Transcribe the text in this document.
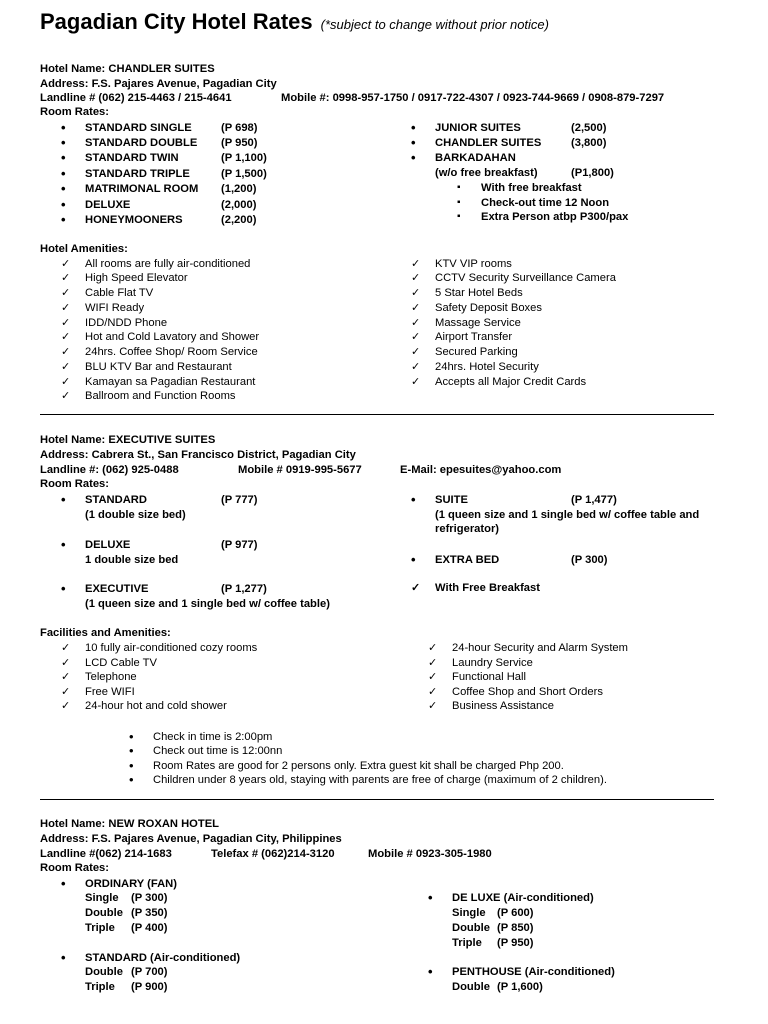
Pagadian City Hotel Rates (*subject to change without prior notice)
Hotel Name: CHANDLER SUITES
Address: F.S. Pajares Avenue, Pagadian City
Landline # (062) 215-4463 / 215-4641	Mobile #: 0998-957-1750 / 0917-722-4307 / 0923-744-9669 / 0908-879-7297
Room Rates:
• STANDARD SINGLE	(P 698)
• STANDARD DOUBLE (P 950)
• STANDARD TWIN	(P 1,100)
• STANDARD TRIPLE	(P 1,500)
• MATRIMONAL ROOM (1,200)
• DELUXE	(2,000)
• HONEYMOONERS	(2,200)
• JUNIOR SUITES	(2,500)
• CHANDLER SUITES	(3,800)
• BARKADAHAN
(w/o free breakfast)	(P1,800)
▪ With free breakfast
▪ Check-out time 12 Noon
▪ Extra Person atbp P300/pax
Hotel Amenities:
✓ All rooms are fully air-conditioned
✓ High Speed Elevator
✓ Cable Flat TV
✓ WIFI Ready
✓ IDD/NDD Phone
✓ Hot and Cold Lavatory and Shower
✓ 24hrs. Coffee Shop/ Room Service
✓ BLU KTV Bar and Restaurant
✓ Kamayan sa Pagadian Restaurant
✓ Ballroom and Function Rooms
✓ KTV VIP rooms
✓ CCTV Security Surveillance Camera
✓ 5 Star Hotel Beds
✓ Safety Deposit Boxes
✓ Massage Service
✓ Airport Transfer
✓ Secured Parking
✓ 24hrs. Hotel Security
✓ Accepts all Major Credit Cards
Hotel Name: EXECUTIVE SUITES
Address: Cabrera St., San Francisco District, Pagadian City
Landline #: (062) 925-0488	Mobile # 0919-995-5677	E-Mail: epesuites@yahoo.com
Room Rates:
• STANDARD	(P 777)
(1 double size bed)
• DELUXE	(P 977)
1 double size bed
• EXECUTIVE	(P 1,277)
(1 queen size and 1 single bed w/ coffee table)
• SUITE	(P 1,477)
(1 queen size and 1 single bed w/ coffee table and
refrigerator)
• EXTRA BED	(P 300)
✓ With Free Breakfast
Facilities and Amenities:
✓ 10 fully air-conditioned cozy rooms
✓ LCD Cable TV
✓ Telephone
✓ Free WIFI
✓ 24-hour hot and cold shower
✓ 24-hour Security and Alarm System
✓ Laundry Service
✓ Functional Hall
✓ Coffee Shop and Short Orders
✓ Business Assistance
• Check in time is 2:00pm
• Check out time is 12:00nn
• Room Rates are good for 2 persons only. Extra guest kit shall be charged Php 200.
• Children under 8 years old, staying with parents are free of charge (maximum of 2 children).
Hotel Name: NEW ROXAN HOTEL
Address: F.S. Pajares Avenue, Pagadian City, Philippines
Landline #(062) 214-1683	Telefax # (062)214-3120	Mobile # 0923-305-1980
Room Rates:
• ORDINARY (FAN)
Single (P 300)
Double (P 350)
Triple (P 400)
• STANDARD (Air-conditioned)
Double (P 700)
Triple (P 900)
• DE LUXE (Air-conditioned)
Single (P 600)
Double (P 850)
Triple (P 950)
• PENTHOUSE (Air-conditioned)
Double (P 1,600)
